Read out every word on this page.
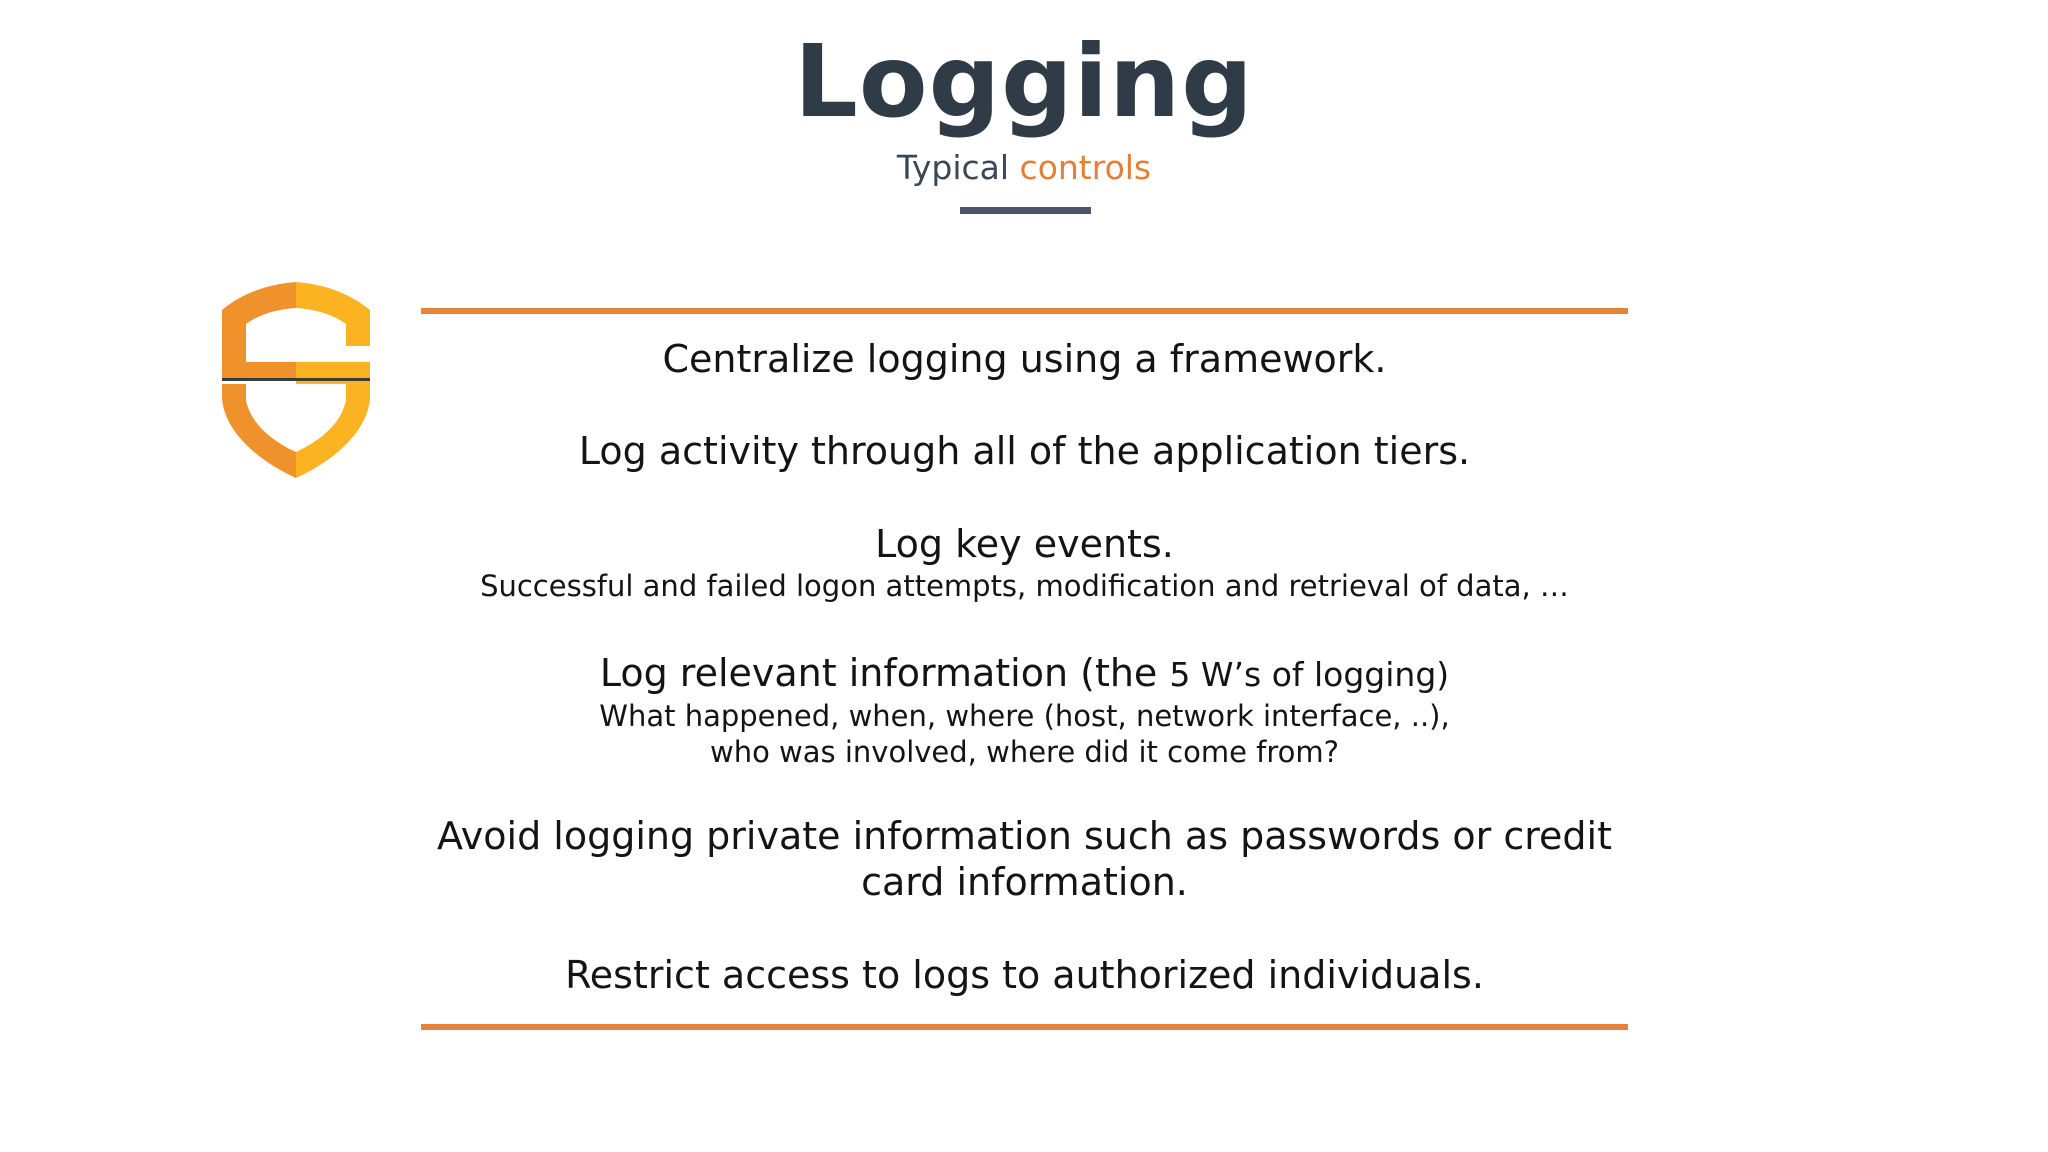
Logging
Typical controls
Centralize logging using a framework.
Log activity through all of the application tiers.
Log key events.
Successful and failed logon attempts, modification and retrieval of data, …
Log relevant information (the 5 W’s of logging)
What happened, when, where (host, network interface, ..),
who was involved, where did it come from?
Avoid logging private information such as passwords or credit card information.
Restrict access to logs to authorized individuals.
